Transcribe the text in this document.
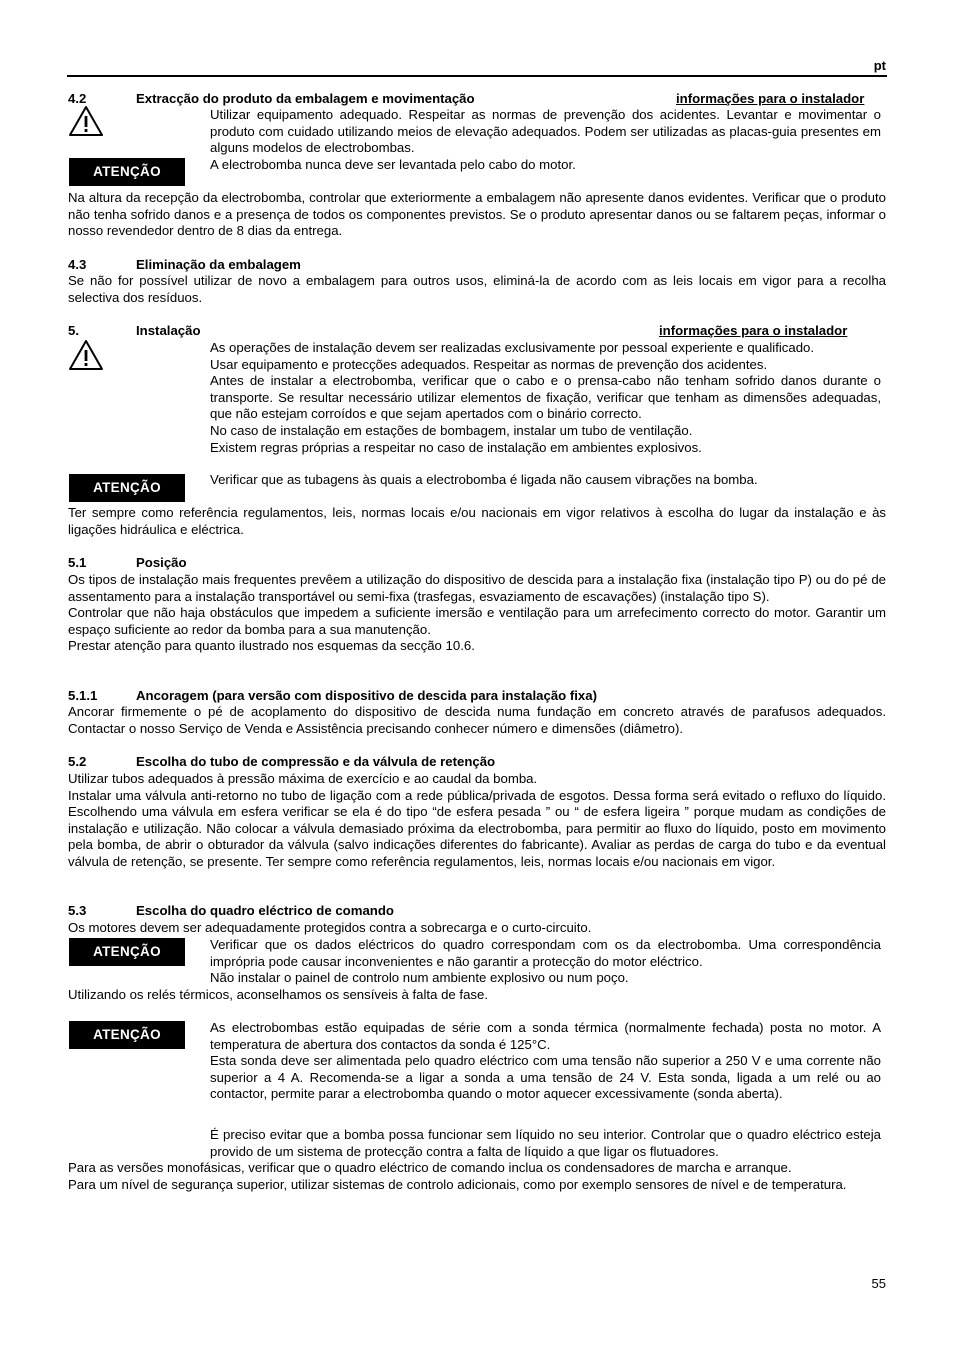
pt
4.2	Extracção do produto da embalagem e movimentação	informações para o instalador

Utilizar equipamento adequado. Respeitar as normas de prevenção dos acidentes. Levantar e movimentar o produto com cuidado utilizando meios de elevação adequados. Podem ser utilizadas as placas-guia presentes em alguns modelos de electrobombas.

ATENÇÃO	A electrobomba nunca deve ser levantada pelo cabo do motor.

Na altura da recepção da electrobomba, controlar que exteriormente a embalagem não apresente danos evidentes. Verificar que o produto não tenha sofrido danos e a presença de todos os componentes previstos. Se o produto apresentar danos ou se faltarem peças, informar o nosso revendedor dentro de 8 dias da entrega.

4.3	Eliminação da embalagem

Se não for possível utilizar de novo a embalagem para outros usos, eliminá-la de acordo com as leis locais em vigor para a recolha selectiva dos resíduos.

5.	Instalação	informações para o instalador

As operações de instalação devem ser realizadas exclusivamente por pessoal experiente e qualificado.

Usar equipamento e protecções adequados. Respeitar as normas de prevenção dos acidentes.

Antes de instalar a electrobomba, verificar que o cabo e o prensa-cabo não tenham sofrido danos durante o transporte. Se resultar necessário utilizar elementos de fixação, verificar que tenham as dimensões adequadas, que não estejam corroídos e que sejam apertados com o binário correcto.

No caso de instalação em estações de bombagem, instalar um tubo de ventilação.

Existem regras próprias a respeitar no caso de instalação em ambientes explosivos.

ATENÇÃO

Verificar que as tubagens às quais a electrobomba é ligada não causem vibrações na bomba.

Ter sempre como referência regulamentos, leis, normas locais e/ou nacionais em vigor relativos à escolha do lugar da instalação e às ligações hidráulica e eléctrica.

5.1	Posição

Os tipos de instalação mais frequentes prevêem a utilização do dispositivo de descida para a instalação fixa (instalação tipo P) ou do pé de assentamento para a instalação transportável ou semi-fixa (trasfegas, esvaziamento de escavações) (instalação tipo S).

Controlar que não haja obstáculos que impedem a suficiente imersão e ventilação para um arrefecimento correcto do motor. Garantir um espaço suficiente ao redor da bomba para a sua manutenção.

Prestar atenção para quanto ilustrado nos esquemas da secção 10.6.

5.1.1	Ancoragem (para versão com dispositivo de descida para instalação fixa)

Ancorar firmemente o pé de acoplamento do dispositivo de descida numa fundação em concreto através de parafusos adequados. Contactar o nosso Serviço de Venda e Assistência precisando conhecer número e dimensões (diâmetro).

5.2	Escolha do tubo de compressão e da válvula de retenção

Utilizar tubos adequados à pressão máxima de exercício e ao caudal da bomba.

Instalar uma válvula anti-retorno no tubo de ligação com a rede pública/privada de esgotos. Dessa forma será evitado o refluxo do líquido. Escolhendo uma válvula em esfera verificar se ela é do tipo “de esfera pesada ” ou “ de esfera ligeira ” porque mudam as condições de instalação e utilização. Não colocar a válvula demasiado próxima da electrobomba, para permitir ao fluxo do líquido, posto em movimento pela bomba, de abrir o obturador da válvula (salvo indicações diferentes do fabricante). Avaliar as perdas de carga do tubo e da eventual válvula de retenção, se presente. Ter sempre como referência regulamentos, leis, normas locais e/ou nacionais em vigor.

5.3	Escolha do quadro eléctrico de comando

Os motores devem ser adequadamente protegidos contra a sobrecarga e o curto-circuito.

ATENÇÃO	Verificar que os dados eléctricos do quadro correspondam com os da electrobomba. Uma correspondência imprópria pode causar inconvenientes e não garantir a protecção do motor eléctrico.

Não instalar o painel de controlo num ambiente explosivo ou num poço.

Utilizando os relés térmicos, aconselhamos os sensíveis à falta de fase.

ATENÇÃO	As electrobombas estão equipadas de série com a sonda térmica (normalmente fechada) posta no motor. A temperatura de abertura dos contactos da sonda é 125°C.

Esta sonda deve ser alimentada pelo quadro eléctrico com uma tensão não superior a 250 V e uma corrente não superior a 4 A. Recomenda-se a ligar a sonda a uma tensão de 24 V. Esta sonda, ligada a um relé ou ao contactor, permite parar a electrobomba quando o motor aquecer excessivamente (sonda aberta).

É preciso evitar que a bomba possa funcionar sem líquido no seu interior. Controlar que o quadro eléctrico esteja provido de um sistema de protecção contra a falta de líquido a que ligar os flutuadores.

Para as versões monofásicas, verificar que o quadro eléctrico de comando inclua os condensadores de marcha e arranque.

Para um nível de segurança superior, utilizar sistemas de controlo adicionais, como por exemplo sensores de nível e de temperatura.

55
